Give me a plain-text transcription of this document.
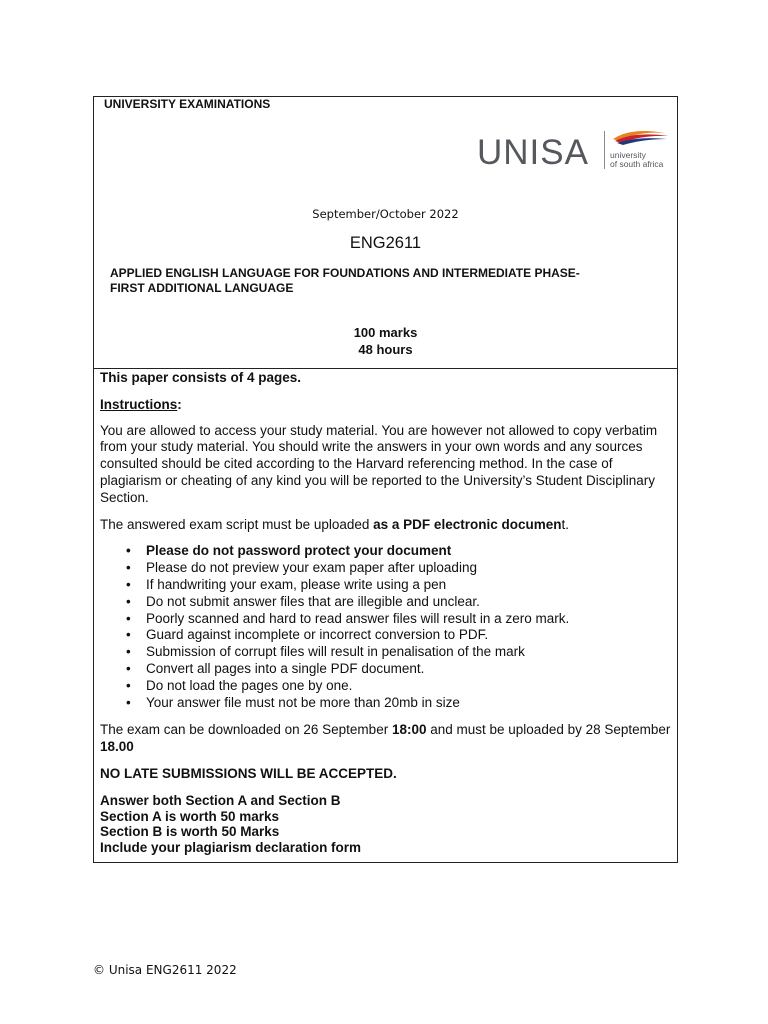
UNIVERSITY EXAMINATIONS
UNISA university
of south africa
September/October 2022
ENG2611
APPLIED ENGLISH LANGUAGE FOR FOUNDATIONS AND INTERMEDIATE PHASE-
FIRST ADDITIONAL LANGUAGE
100 marks
48 hours
This paper consists of 4 pages.
Instructions:
You are allowed to access your study material. You are however not allowed to copy verbatim from your study material. You should write the answers in your own words and any sources consulted should be cited according to the Harvard referencing method. In the case of plagiarism or cheating of any kind you will be reported to the University’s Student Disciplinary Section.
The answered exam script must be uploaded as a PDF electronic document.
• Please do not password protect your document
• Please do not preview your exam paper after uploading
• If handwriting your exam, please write using a pen
• Do not submit answer files that are illegible and unclear.
• Poorly scanned and hard to read answer files will result in a zero mark.
• Guard against incomplete or incorrect conversion to PDF.
• Submission of corrupt files will result in penalisation of the mark
• Convert all pages into a single PDF document.
• Do not load the pages one by one.
• Your answer file must not be more than 20mb in size
The exam can be downloaded on 26 September 18:00 and must be uploaded by 28 September 18.00
NO LATE SUBMISSIONS WILL BE ACCEPTED.
Answer both Section A and Section B
Section A is worth 50 marks
Section B is worth 50 Marks
Include your plagiarism declaration form
© Unisa ENG2611 2022
